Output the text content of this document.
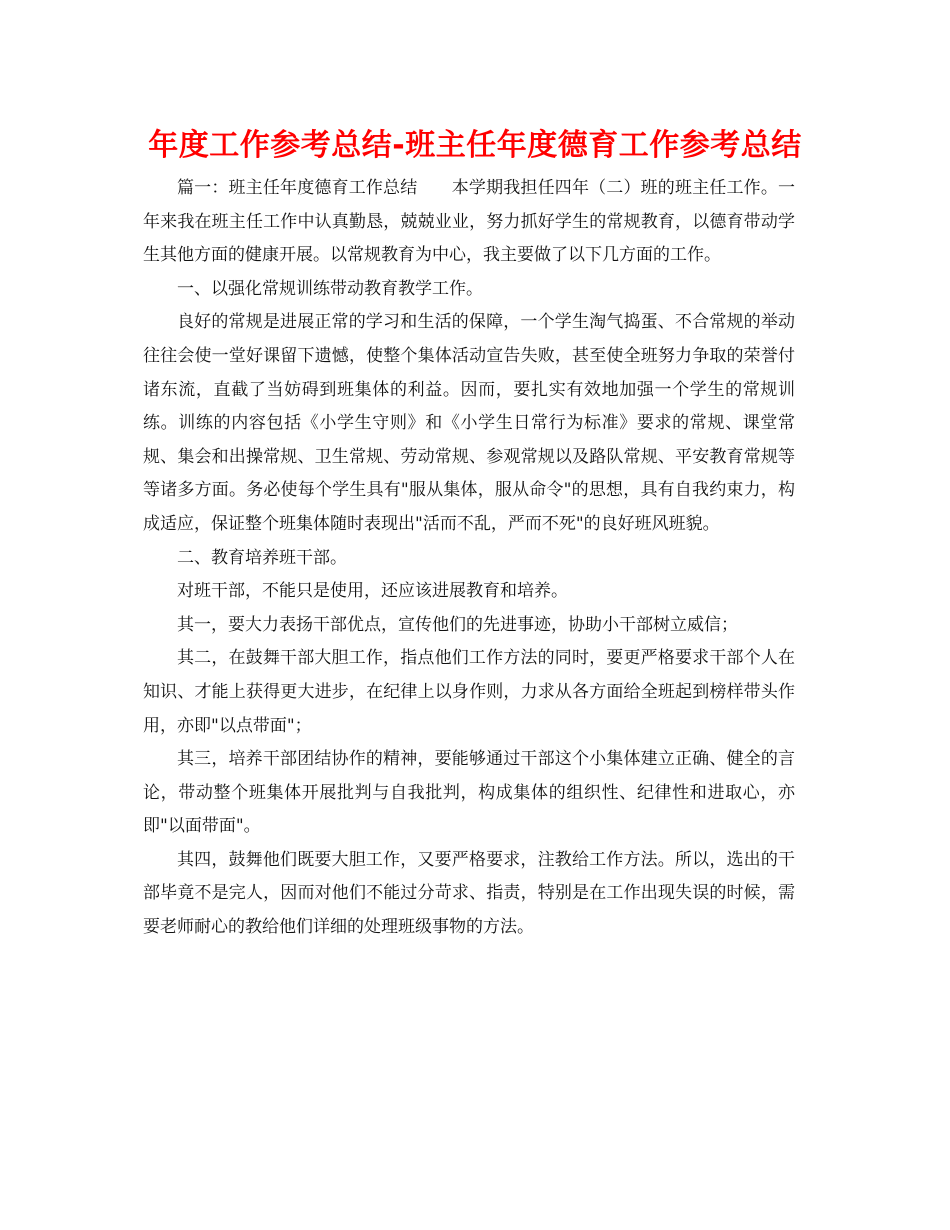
年度工作参考总结-班主任年度德育工作参考总结

篇一：班主任年度德育工作总结　　本学期我担任四年（二）班的班主任工作。一年来我在班主任工作中认真勤恳，兢兢业业，努力抓好学生的常规教育，以德育带动学生其他方面的健康开展。以常规教育为中心，我主要做了以下几方面的工作。

一、以强化常规训练带动教育教学工作。

良好的常规是进展正常的学习和生活的保障，一个学生淘气捣蛋、不合常规的举动往往会使一堂好课留下遗憾，使整个集体活动宣告失败，甚至使全班努力争取的荣誉付诸东流，直截了当妨碍到班集体的利益。因而，要扎实有效地加强一个学生的常规训练。训练的内容包括《小学生守则》和《小学生日常行为标准》要求的常规、课堂常规、集会和出操常规、卫生常规、劳动常规、参观常规以及路队常规、平安教育常规等等诸多方面。务必使每个学生具有"服从集体，服从命令"的思想，具有自我约束力，构成适应，保证整个班集体随时表现出"活而不乱，严而不死"的良好班风班貌。

二、教育培养班干部。

对班干部，不能只是使用，还应该进展教育和培养。

其一，要大力表扬干部优点，宣传他们的先进事迹，协助小干部树立威信；

其二，在鼓舞干部大胆工作，指点他们工作方法的同时，要更严格要求干部个人在知识、才能上获得更大进步，在纪律上以身作则，力求从各方面给全班起到榜样带头作用，亦即"以点带面"；

其三，培养干部团结协作的精神，要能够通过干部这个小集体建立正确、健全的言论，带动整个班集体开展批判与自我批判，构成集体的组织性、纪律性和进取心，亦即"以面带面"。

其四，鼓舞他们既要大胆工作，又要严格要求，注教给工作方法。所以，选出的干部毕竟不是完人，因而对他们不能过分苛求、指责，特别是在工作出现失误的时候，需要老师耐心的教给他们详细的处理班级事物的方法。
